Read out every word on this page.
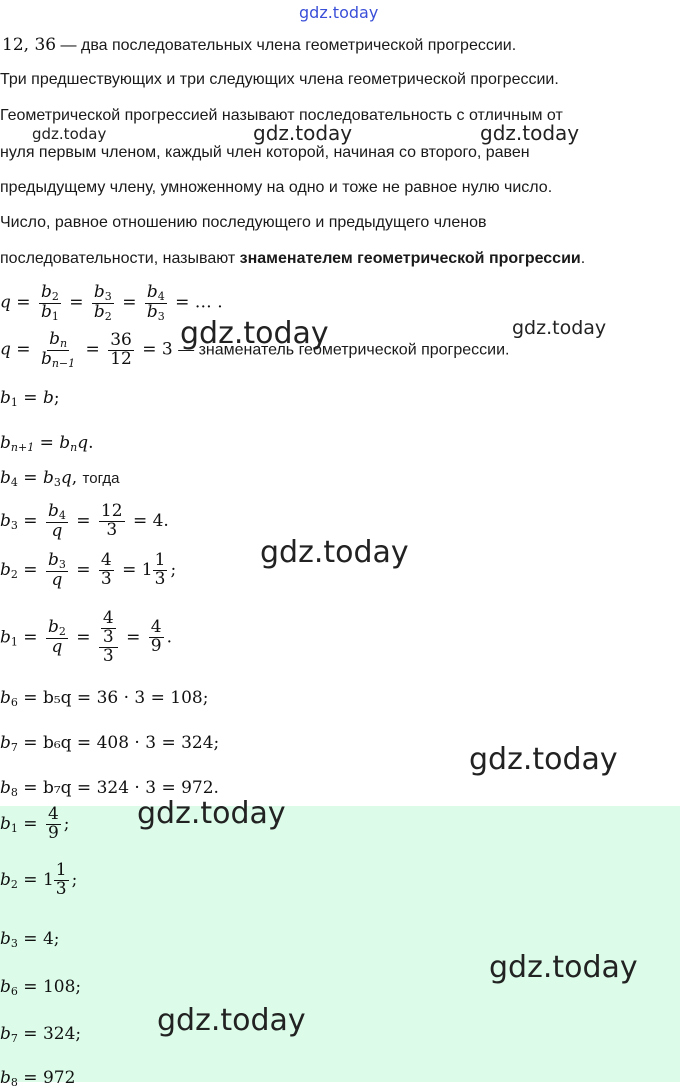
gdz.today
gdz.today	gdz.today	gdz.today
gdz.today	gdz.today
gdz.today
gdz.today
gdz.today
gdz.today
gdz.today
12, 36 — два последовательных члена геометрической прогрессии.
Три предшествующих и три следующих члена геометрической прогрессии.
Геометрической прогрессией называют последовательность с отличным от
нуля первым членом, каждый член которой, начиная со второго, равен
предыдущему члену, умноженному на одно и тоже не равное нулю число.
Число, равное отношению последующего и предыдущего членов
последовательности, называют знаменателем геометрической прогрессии.
$q = \frac{b_2}{b_1} = \frac{b_3}{b_2} = \frac{b_4}{b_3}$ = … .
$q = \frac{b_n}{b_{n-1}} = \frac{36}{12} = 3$ — знаменатель геометрической прогрессии.
$b_1 = b$;
$b_{n+1} = b_nq$.
$b_4 = b_3q$, тогда
$b_3 = \frac{b_4}{q} = \frac{12}{3} = 4$.
$b_2 = \frac{b_3}{q} = \frac{4}{3} = 1 \frac{1}{3}$ ;
$b_1 = \frac{b_2}{q} = \frac{\frac{4}{3}}{3} = \frac{4}{9}$ .
$b_6 = b_5q = 36 \cdot 3 = 108$;
$b_7 = b_6q = 408 \cdot 3 = 324$;
$b_8 = b_7q = 324 \cdot 3 = 972$.
$b_1 = \frac{4}{9}$ ;
$b_2 = 1 \frac{1}{3}$ ;
$b_3 = 4$;
$b_6 = 108$;
$b_7 = 324$;
$b_8 = 972$
